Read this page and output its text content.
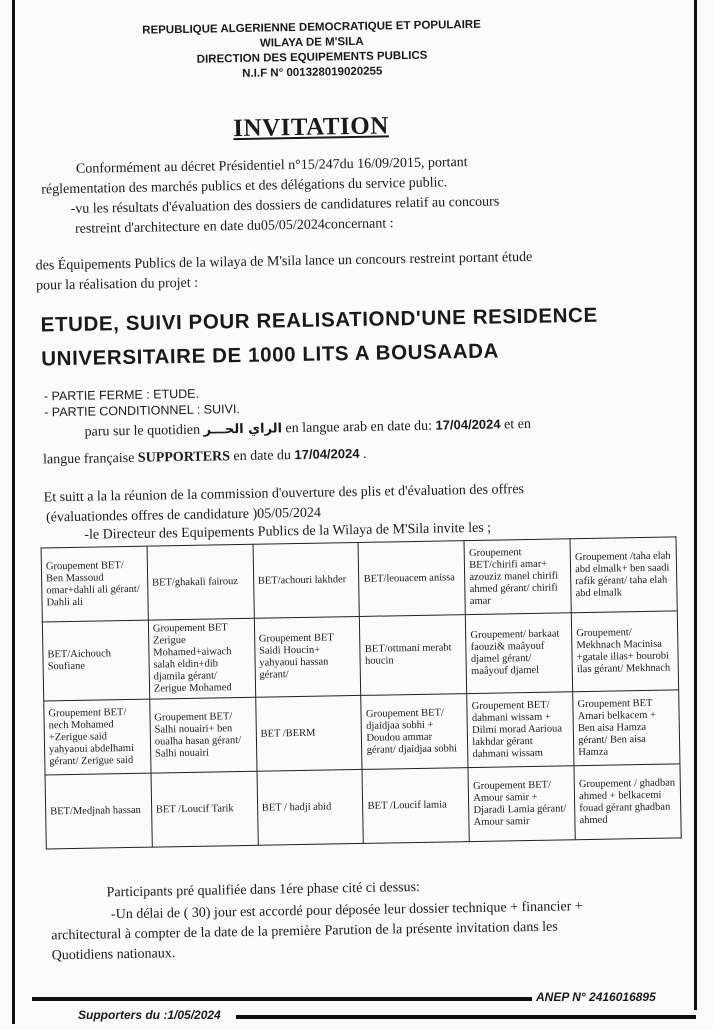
REPUBLIQUE ALGERIENNE DEMOCRATIQUE ET POPULAIRE
WILAYA DE M'SILA
DIRECTION DES EQUIPEMENTS PUBLICS
N.I.F N° 001328019020255
INVITATION
Conformément au décret Présidentiel n°15/247du 16/09/2015, portant
réglementation des marchés publics et des délégations du service public.
-vu les résultats d'évaluation des dossiers de candidatures relatif au concours
restreint d'architecture en date du05/05/2024concernant :
des Équipements Publics de la wilaya de M'sila lance un concours restreint portant étude
pour la réalisation du projet :
ETUDE, SUIVI POUR REALISATIOND'UNE RESIDENCE
UNIVERSITAIRE DE 1000 LITS A BOUSAADA
- PARTIE FERME : ETUDE.
- PARTIE CONDITIONNEL : SUIVI.
paru sur le quotidien الراي الحـــر en langue arab en date du: 17/04/2024 et en
langue française SUPPORTERS en date du 17/04/2024 .
Et suitt a la la réunion de la commission d'ouverture des plis et d'évaluation des offres
(évaluationdes offres de candidature )05/05/2024
-le Directeur des Equipements Publics de la Wilaya de M'Sila invite les ;
Groupement BET/ Ben Massoud omar+dahli ali gérant/ Dahli ali	BET/ghakali fairouz	BET/achouri lakhder	BET/leouacem anissa	Groupement BET/chirifi amar+ azouziz manel chirifi ahmed gérant/ chirifi amar	Groupement /taha elah abd elmalk+ ben saadi rafik gérant/ taha elah abd elmalk
BET/Aichouch Soufiane	Groupement BET Zerigue Mohamed+aiwach salah eldin+dib djamila gérant/ Zerigue Mohamed	Groupement BET Saidi Houcin+ yahyaoui hassan gérant/	BET/ottmani merabt houcin	Groupement/ barkaat faouzi& maâyouf djamel gérant/ maâyouf djamel	Groupement/ Mekhnach Macinisa +gatale ilias+ bourobi ilas gérant/ Mekhnach
Groupement BET/ nech Mohamed +Zerigue said yahyaoui abdelhami gérant/ Zerigue said	Groupement BET/ Salhi nouairi+ ben oualha hasan gérant/ Salhi nouairi	BET /BERM	Groupement BET/ djaidjaa sobhi + Doudou ammar gérant/ djaidjaa sobhi	Groupement BET/ dahmani wissam + Dilmi morad Aarioua lakhdar gérant dahmani wissam	Groupement BET Amari belkacem + Ben aisa Hamza gérant/ Ben aisa Hamza
BET/Medjnah hassan	BET /Loucif Tarik	BET / hadji abid	BET /Loucif lamia	Groupement BET/ Amour samir + Djaradi Lamia gérant/ Amour samir	Groupement / ghadban ahmed + belkacemi fouad gérant ghadban ahmed
Participants pré qualifiée dans 1ére phase cité ci dessus:
-Un délai de ( 30) jour est accordé pour déposée leur dossier technique + financier +
architectural à compter de la date de la première Parution de la présente invitation dans les
Quotidiens nationaux.
ANEP N° 2416016895
Supporters du :1/05/2024
